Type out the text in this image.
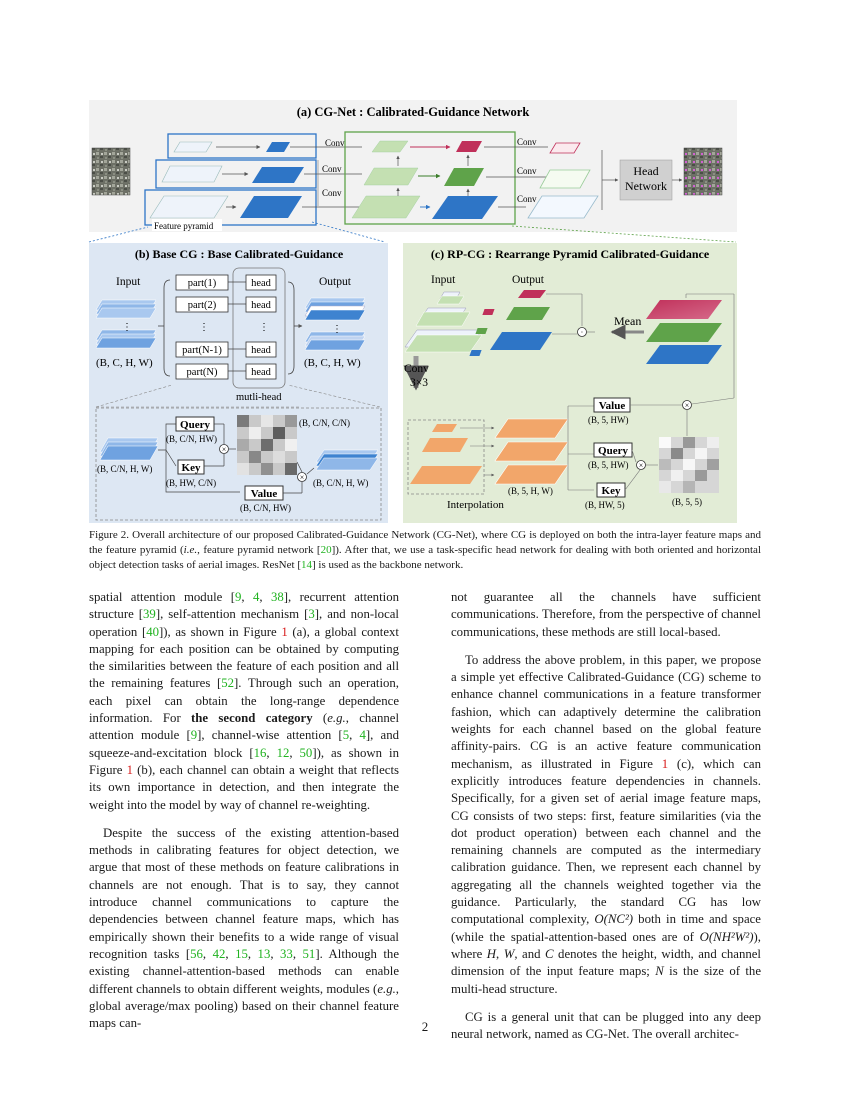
(a) CG-Net : Calibrated-Guidance Network
Feature pyramid
Conv
Conv
Conv
Conv
Conv
Conv
Head
Network
(b) Base CG : Base Calibrated-Guidance
Input	Output
⋮
(B, C, H, W)
part(1)
part(2)
⋮
part(N-1)
part(N)
head
head
⋮
head
head
mutli-head
⋮
(B, C, H, W)
(B, C/N, H, W)
Query
(B, C/N, HW)
Key
(B, HW, C/N)
×
(B, C/N, C/N)
Value
(B, C/N, HW)
×
(B, C/N, H, W)
(c) RP-CG : Rearrange Pyramid Calibrated-Guidance
Input	Output
·
Mean
Conv
3×3
Interpolation
(B, 5, H, W)
Value
(B, 5, HW)
Query
(B, 5, HW)
Key
(B, HW, 5)
×
×
(B, 5, 5)
Figure 2. Overall architecture of our proposed Calibrated-Guidance Network (CG-Net), where CG is deployed on both the intra-layer feature maps and the feature pyramid (i.e., feature pyramid network [20]). After that, we use a task-specific head network for dealing with both oriented and horizontal object detection tasks of aerial images. ResNet [14] is used as the backbone network.

spatial attention module [9, 4, 38], recurrent attention structure [39], self-attention mechanism [3], and non-local operation [40]), as shown in Figure 1 (a), a global context mapping for each position can be obtained by computing the similarities between the feature of each position and all the remaining features [52]. Through such an operation, each pixel can obtain the long-range dependence information. For the second category (e.g., channel attention module [9], channel-wise attention [5, 4], and squeeze-and-excitation block [16, 12, 50]), as shown in Figure 1 (b), each channel can obtain a weight that reflects its own importance in detection, and then integrate the weight into the model by way of channel re-weighting.

Despite the success of the existing attention-based methods in calibrating features for object detection, we argue that most of these methods on feature calibrations in channels are not enough. That is to say, they cannot introduce channel communications to capture the dependencies between channel feature maps, which has empirically shown their benefits to a wide range of visual recognition tasks [56, 42, 15, 13, 33, 51]. Although the existing channel-attention-based methods can enable different channels to obtain different weights, modules (e.g., global average/max pooling) based on their channel feature maps can-

not guarantee all the channels have sufficient communications. Therefore, from the perspective of channel communications, these methods are still local-based.

To address the above problem, in this paper, we propose a simple yet effective Calibrated-Guidance (CG) scheme to enhance channel communications in a feature transformer fashion, which can adaptively determine the calibration weights for each channel based on the global feature affinity-pairs. CG is an active feature communication mechanism, as illustrated in Figure 1 (c), which can explicitly introduces feature dependencies in channels. Specifically, for a given set of aerial image feature maps, CG consists of two steps: first, feature similarities (via the dot product operation) between each channel and the remaining channels are computed as the intermediary calibration guidance. Then, we represent each channel by aggregating all the channels weighted together via the guidance. Particularly, the standard CG has low computational complexity, O(NC²) both in time and space (while the spatial-attention-based ones are of O(NH²W²)), where H, W, and C denotes the height, width, and channel dimension of the input feature maps; N is the size of the multi-head structure.

CG is a general unit that can be plugged into any deep neural network, named as CG-Net. The overall architec-

2
